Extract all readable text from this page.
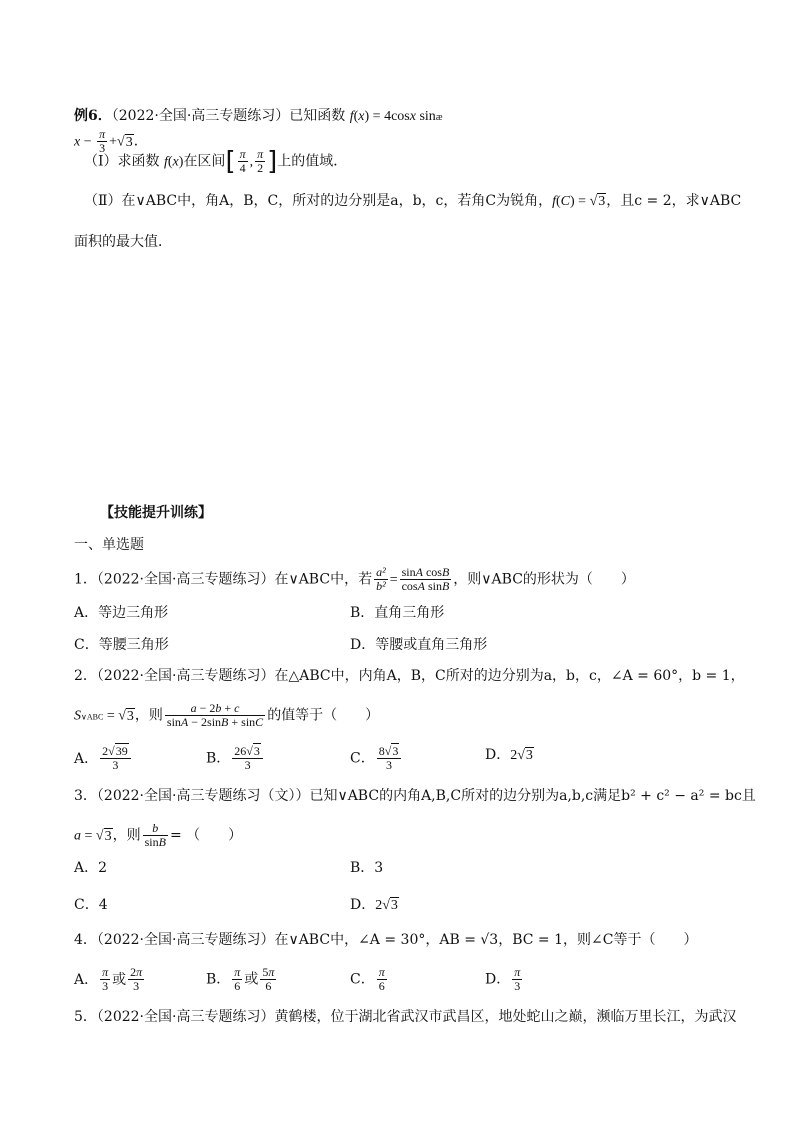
例6．（2022·全国·高三专题练习）已知函数 f(x) = 4cosx sinæ
$x - \frac{\pi}{3} +√3$．
（Ⅰ）求函数 f(x)在区间[ $\frac{\pi}{4}$ , $\frac{\pi}{2}$ ]上的值域．
（Ⅱ）在∨ABC中，角A，B，C，所对的边分别是a，b，c，若角C为锐角，f(C) = √3，且c = 2，求∨ABC
面积的最大值．
【技能提升训练】
一、单选题
1．（2022·全国·高三专题练习）在∨ABC中，若 $\frac{\text{a²}}{\text{b²}} = \frac{\text{sinA cosB}}{\text{cosA sinB}}$ ，则∨ABC的形状为（　　）
A．等边三角形	B．直角三角形
C．等腰三角形	D．等腰或直角三角形
2．（2022·全国·高三专题练习）在△ABC中，内角A，B，C所对的边分别为a，b，c，∠A = 60°，b = 1，
S∨ABC = √3，则 $\frac{a - 2b + c}{\sin A - 2\sin B + \sin C}$ 的值等于（　　）
A． $\frac{2√39}{3}$	B． $\frac{26√3}{3}$	C． $\frac{8√3}{3}$	D．2√3
3．（2022·全国·高三专题练习（文））已知∨ABC的内角A,B,C所对的边分别为a,b,c满足b² + c² − a² = bc且
a = √3，则 $\frac{b}{\sin B}$ = （　　）
A．2	B．3
C．4	D．2√3
4．（2022·全国·高三专题练习）在∨ABC中，∠A = 30°，AB = √3，BC = 1，则∠C等于（　　）
A． $\frac{\pi}{3}$ 或 $\frac{2\pi}{3}$	B． $\frac{\pi}{6}$ 或 $\frac{5\pi}{6}$	C． $\frac{\pi}{6}$	D． $\frac{\pi}{3}$
5．（2022·全国·高三专题练习）黄鹤楼，位于湖北省武汉市武昌区，地处蛇山之巅，濒临万里长江，为武汉
